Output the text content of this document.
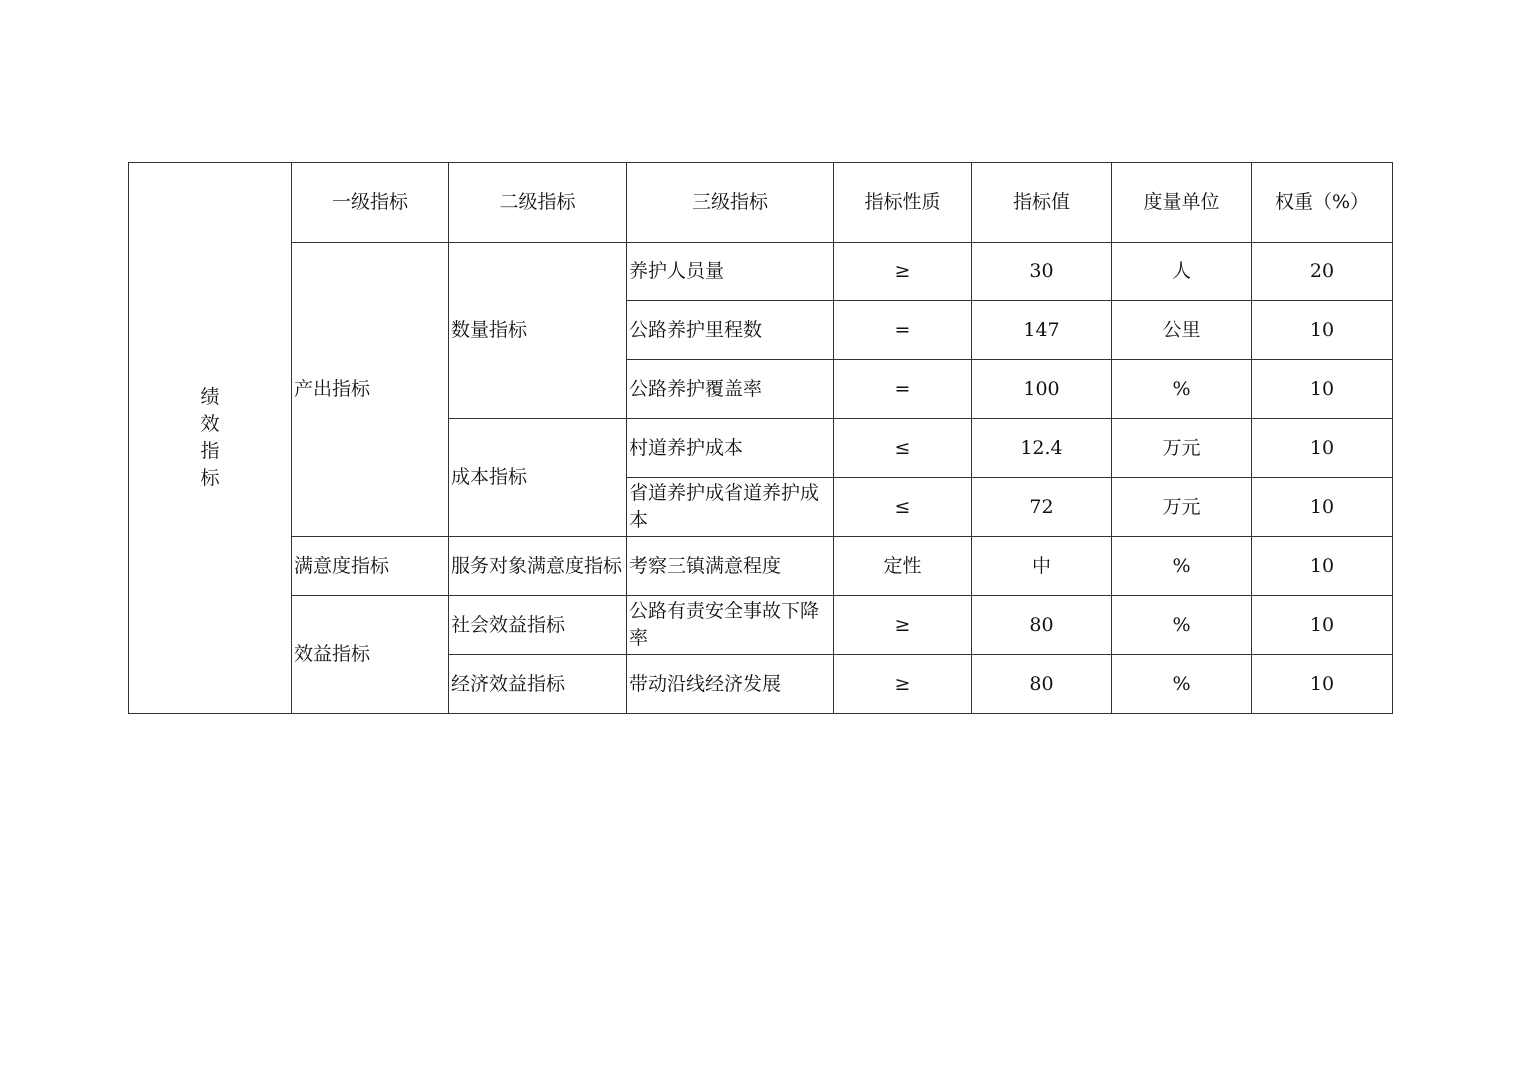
绩
效
指
标	一级指标	二级指标	三级指标	指标性质	指标值	度量单位	权重（%）
	产出指标	数量指标	养护人员量	≥	30	人	20
			公路养护里程数	=	147	公里	10
			公路养护覆盖率	=	100	%	10
		成本指标	村道养护成本	≤	12.4	万元	10
			省道养护成省道养护成本	≤	72	万元	10
	满意度指标	服务对象满意度指标	考察三镇满意程度	定性	中	%	10
	效益指标	社会效益指标	公路有责安全事故下降率	≥	80	%	10
		经济效益指标	带动沿线经济发展	≥	80	%	10
